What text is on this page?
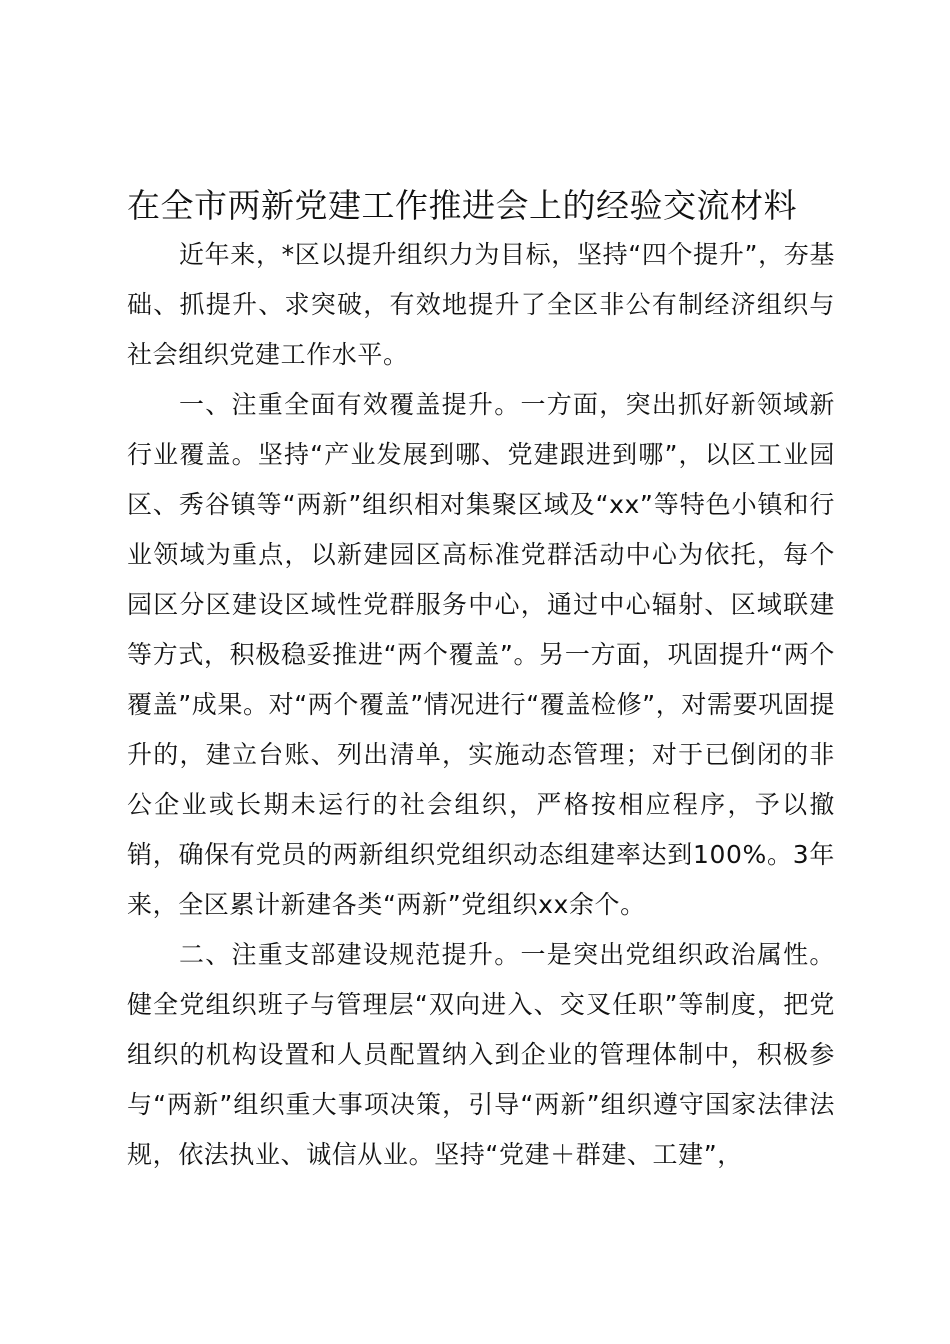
在全市两新党建工作推进会上的经验交流材料

近年来，*区以提升组织力为目标，坚持“四个提升”，夯基础、抓提升、求突破，有效地提升了全区非公有制经济组织与社会组织党建工作水平。

一、注重全面有效覆盖提升。一方面，突出抓好新领域新行业覆盖。坚持“产业发展到哪、党建跟进到哪”，以区工业园区、秀谷镇等“两新”组织相对集聚区域及“xx”等特色小镇和行业领域为重点，以新建园区高标准党群活动中心为依托，每个园区分区建设区域性党群服务中心，通过中心辐射、区域联建等方式，积极稳妥推进“两个覆盖”。另一方面，巩固提升“两个覆盖”成果。对“两个覆盖”情况进行“覆盖检修”，对需要巩固提升的，建立台账、列出清单，实施动态管理；对于已倒闭的非公企业或长期未运行的社会组织，严格按相应程序，予以撤销，确保有党员的两新组织党组织动态组建率达到100%。3年来，全区累计新建各类“两新”党组织xx余个。

二、注重支部建设规范提升。一是突出党组织政治属性。健全党组织班子与管理层“双向进入、交叉任职”等制度，把党组织的机构设置和人员配置纳入到企业的管理体制中，积极参与“两新”组织重大事项决策，引导“两新”组织遵守国家法律法规，依法执业、诚信从业。坚持“党建＋群建、工建”，
